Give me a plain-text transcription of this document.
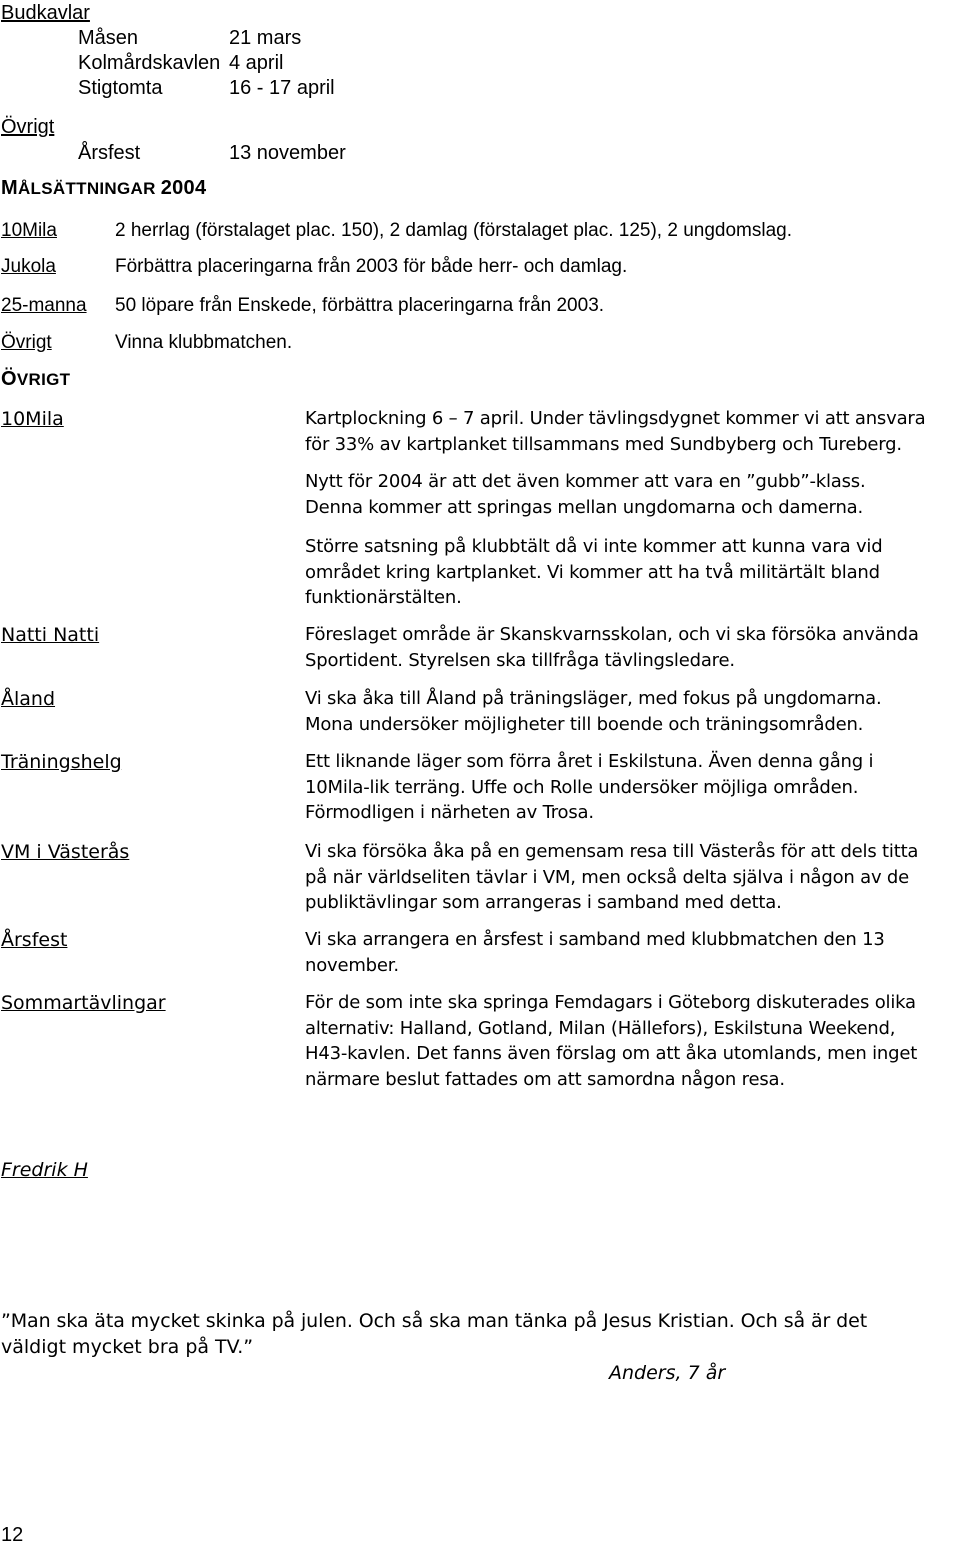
Budkavlar
Måsen	21 mars
Kolmårdskavlen 4 april
Stigtomta	16 - 17 april
Övrigt
Årsfest	13 november
MÅLSÄTTNINGAR 2004
10Mila	2 herrlag (förstalaget plac. 150), 2 damlag (förstalaget plac. 125), 2 ungdomslag.
Jukola	Förbättra placeringarna från 2003 för både herr- och damlag.
25-manna 50 löpare från Enskede, förbättra placeringarna från 2003.
Övrigt	Vinna klubbmatchen.
ÖVRIGT
10Mila	Kartplockning 6 – 7 april. Under tävlingsdygnet kommer vi att ansvara
för 33% av kartplanket tillsammans med Sundbyberg och Tureberg.
Nytt för 2004 är att det även kommer att vara en ”gubb”-klass.
Denna kommer att springas mellan ungdomarna och damerna.
Större satsning på klubbtält då vi inte kommer att kunna vara vid
området kring kartplanket. Vi kommer att ha två militärtält bland
funktionärstälten.
Natti Natti	Föreslaget område är Skanskvarnsskolan, och vi ska försöka använda
Sportident. Styrelsen ska tillfråga tävlingsledare.
Åland	Vi ska åka till Åland på träningsläger, med fokus på ungdomarna.
Mona undersöker möjligheter till boende och träningsområden.
Träningshelg	Ett liknande läger som förra året i Eskilstuna. Även denna gång i
10Mila-lik terräng. Uffe och Rolle undersöker möjliga områden.
Förmodligen i närheten av Trosa.
VM i Västerås	Vi ska försöka åka på en gemensam resa till Västerås för att dels titta
på när världseliten tävlar i VM, men också delta själva i någon av de
publiktävlingar som arrangeras i samband med detta.
Årsfest	Vi ska arrangera en årsfest i samband med klubbmatchen den 13
november.
Sommartävlingar	För de som inte ska springa Femdagars i Göteborg diskuterades olika
alternativ: Halland, Gotland, Milan (Hällefors), Eskilstuna Weekend,
H43-kavlen. Det fanns även förslag om att åka utomlands, men inget
närmare beslut fattades om att samordna någon resa.
Fredrik H
”Man ska äta mycket skinka på julen. Och så ska man tänka på Jesus Kristian. Och så är det
väldigt mycket bra på TV.”
Anders, 7 år
12
